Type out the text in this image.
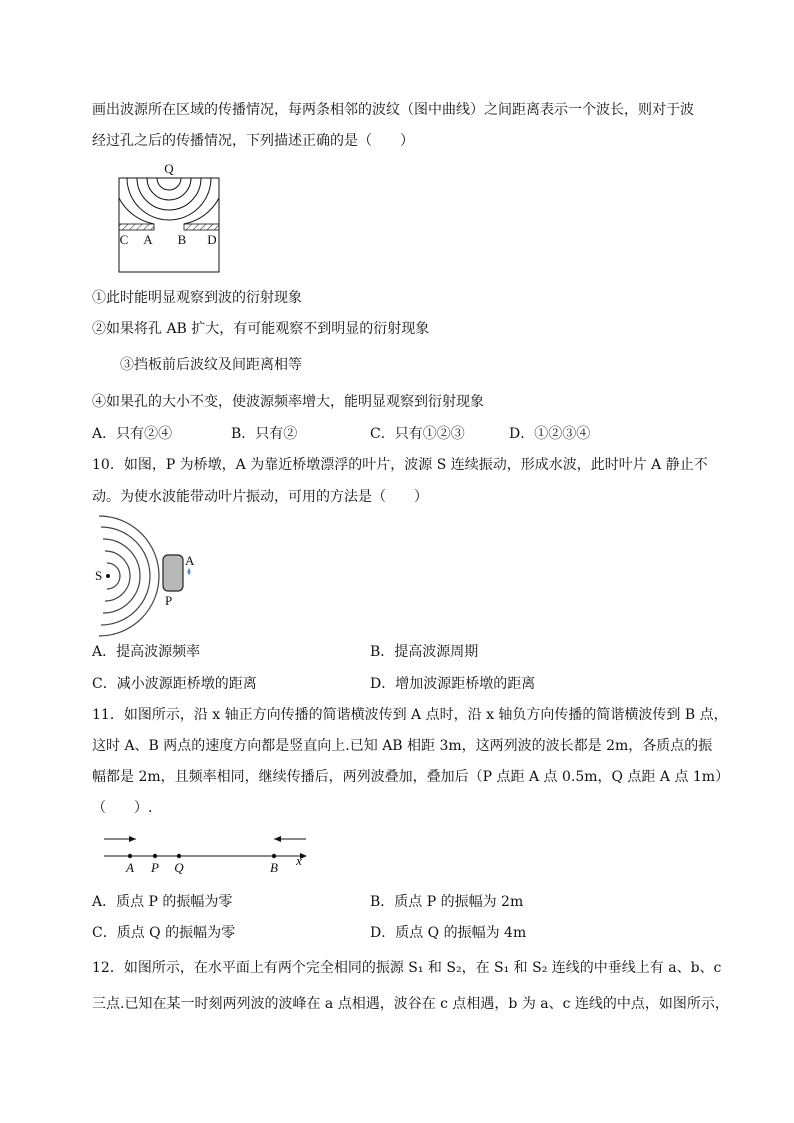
画出波源所在区域的传播情况，每两条相邻的波纹（图中曲线）之间距离表示一个波长，则对于波
经过孔之后的传播情况，下列描述正确的是（　　）
Q
C A B D
①此时能明显观察到波的衍射现象
②如果将孔 AB 扩大，有可能观察不到明显的衍射现象
③挡板前后波纹及间距离相等
④如果孔的大小不变，使波源频率增大，能明显观察到衍射现象
A．只有②④	B．只有②	C．只有①②③	D．①②③④
10．如图，P 为桥墩，A 为靠近桥墩漂浮的叶片，波源 S 连续振动，形成水波，此时叶片 A 静止不
动。为使水波能带动叶片振动，可用的方法是（　　）
S
A
P
A．提高波源频率	B．提高波源周期
C．减小波源距桥墩的距离	D．增加波源距桥墩的距离
11．如图所示，沿 x 轴正方向传播的简谐横波传到 A 点时，沿 x 轴负方向传播的简谐横波传到 B 点，
这时 A、B 两点的速度方向都是竖直向上.已知 AB 相距 3m，这两列波的波长都是 2m，各质点的振
幅都是 2m，且频率相同，继续传播后，两列波叠加，叠加后（P 点距 A 点 0.5m，Q 点距 A 点 1m）
（　　）.
A P Q	B x
A．质点 P 的振幅为零	B．质点 P 的振幅为 2m
C．质点 Q 的振幅为零	D．质点 Q 的振幅为 4m
12．如图所示，在水平面上有两个完全相同的振源 S₁ 和 S₂，在 S₁ 和 S₂ 连线的中垂线上有 a、b、c
三点.已知在某一时刻两列波的波峰在 a 点相遇，波谷在 c 点相遇，b 为 a、c 连线的中点，如图所示，
